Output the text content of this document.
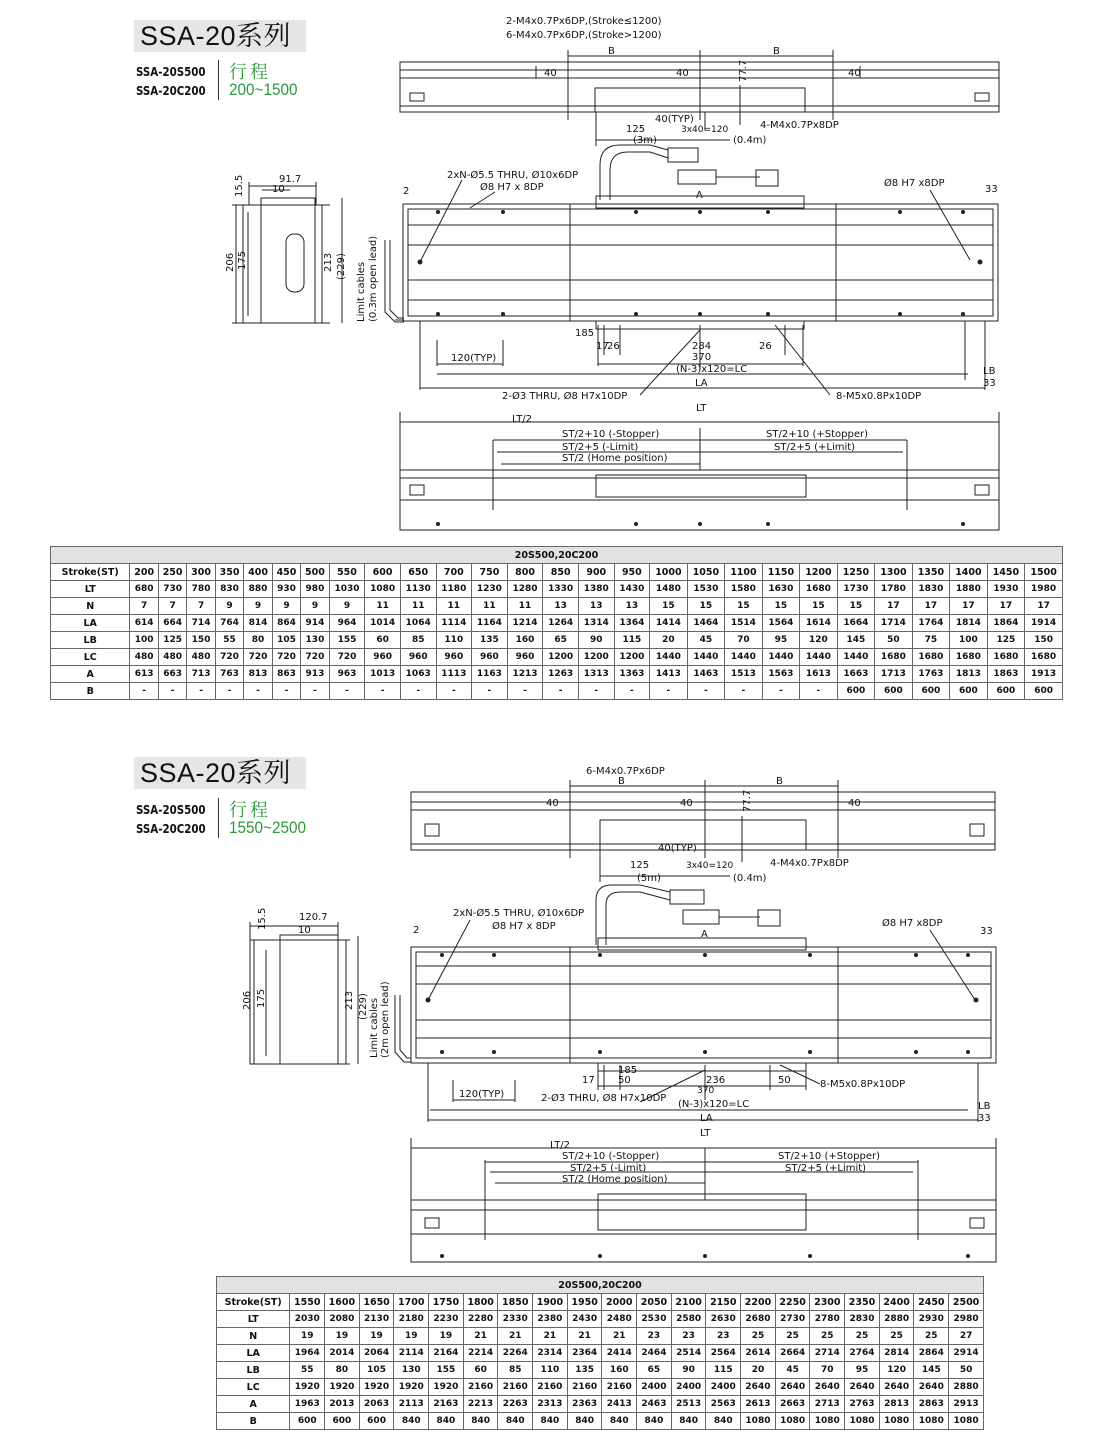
SSA-20系列
SSA-20S500
SSA-20C200
行程
200~1500
2-M4x0.7Px6DP,(Stroke≤1200)
6-M4x0.7Px6DP,(Stroke>1200)
B	B
40	40	40
77.7
40(TYP)
125	3x40=120
(3m)	(0.4m)
4-M4x0.7Px8DP
91.7
15.5	10
206 175	213 (229) Limit cables (0.3m open lead)
2
2xN-Ø5.5 THRU, Ø10x6DP
Ø8 H7 x 8DP	Ø8 H7 x8DP
33
185
17
26	284	26
370
120(TYP)
(N-3)x120=LC
LA
LB
33
2-Ø3 THRU, Ø8 H7x10DP	8-M5x0.8Px10DP
LT
LT/2
ST/2+10 (-Stopper)
ST/2+5 (-Limit)
ST/2 (Home position)
ST/2+10 (+Stopper)
ST/2+5 (+Limit)
A
20S500,20C200																											
Stroke(ST)	200	250	300	350	400	450	500	550	600	650	700	750	800	850	900	950	1000	1050	1100	1150	1200	1250	1300	1350	1400	1450	1500
LT	680	730	780	830	880	930	980	1030	1080	1130	1180	1230	1280	1330	1380	1430	1480	1530	1580	1630	1680	1730	1780	1830	1880	1930	1980
N	7	7	7	9	9	9	9	9	11	11	11	11	11	13	13	13	15	15	15	15	15	15	17	17	17	17	17
LA	614	664	714	764	814	864	914	964	1014	1064	1114	1164	1214	1264	1314	1364	1414	1464	1514	1564	1614	1664	1714	1764	1814	1864	1914
LB	100	125	150	55	80	105	130	155	60	85	110	135	160	65	90	115	20	45	70	95	120	145	50	75	100	125	150
LC	480	480	480	720	720	720	720	720	960	960	960	960	960	1200	1200	1200	1440	1440	1440	1440	1440	1440	1680	1680	1680	1680	1680
A	613	663	713	763	813	863	913	963	1013	1063	1113	1163	1213	1263	1313	1363	1413	1463	1513	1563	1613	1663	1713	1763	1813	1863	1913
B	-	-	-	-	-	-	-	-	-	-	-	-	-	-	-	-	-	-	-	-	-	600	600	600	600	600	600
SSA-20系列
SSA-20S500
SSA-20C200
行程
1550~2500
6-M4x0.7Px6DP
B	B
40	40	40
77.7
40(TYP)
125	3x40=120
(5m)	(0.4m)
4-M4x0.7Px8DP
120.7
15.5
10
206 175	213 (229) Limit cables (2m open lead)
2
2xN-Ø5.5 THRU, Ø10x6DP
Ø8 H7 x 8DP	Ø8 H7 x8DP
33
185
17 50	236
370
50
120(TYP)
(N-3)x120=LC
LA
LB
33
2-Ø3 THRU, Ø8 H7x10DP
8-M5x0.8Px10DP
LT
LT/2
ST/2+10 (-Stopper)
ST/2+5 (-Limit)
ST/2 (Home position)
ST/2+10 (+Stopper)
ST/2+5 (+Limit)
A
20S500,20C200																				
Stroke(ST)	1550	1600	1650	1700	1750	1800	1850	1900	1950	2000	2050	2100	2150	2200	2250	2300	2350	2400	2450	2500
LT	2030	2080	2130	2180	2230	2280	2330	2380	2430	2480	2530	2580	2630	2680	2730	2780	2830	2880	2930	2980
N	19	19	19	19	19	21	21	21	21	21	23	23	23	25	25	25	25	25	25	27
LA	1964	2014	2064	2114	2164	2214	2264	2314	2364	2414	2464	2514	2564	2614	2664	2714	2764	2814	2864	2914
LB	55	80	105	130	155	60	85	110	135	160	65	90	115	20	45	70	95	120	145	50
LC	1920	1920	1920	1920	1920	2160	2160	2160	2160	2160	2400	2400	2400	2640	2640	2640	2640	2640	2640	2880
A	1963	2013	2063	2113	2163	2213	2263	2313	2363	2413	2463	2513	2563	2613	2663	2713	2763	2813	2863	2913
B	600	600	600	840	840	840	840	840	840	840	840	840	840	1080	1080	1080	1080	1080	1080	1080
